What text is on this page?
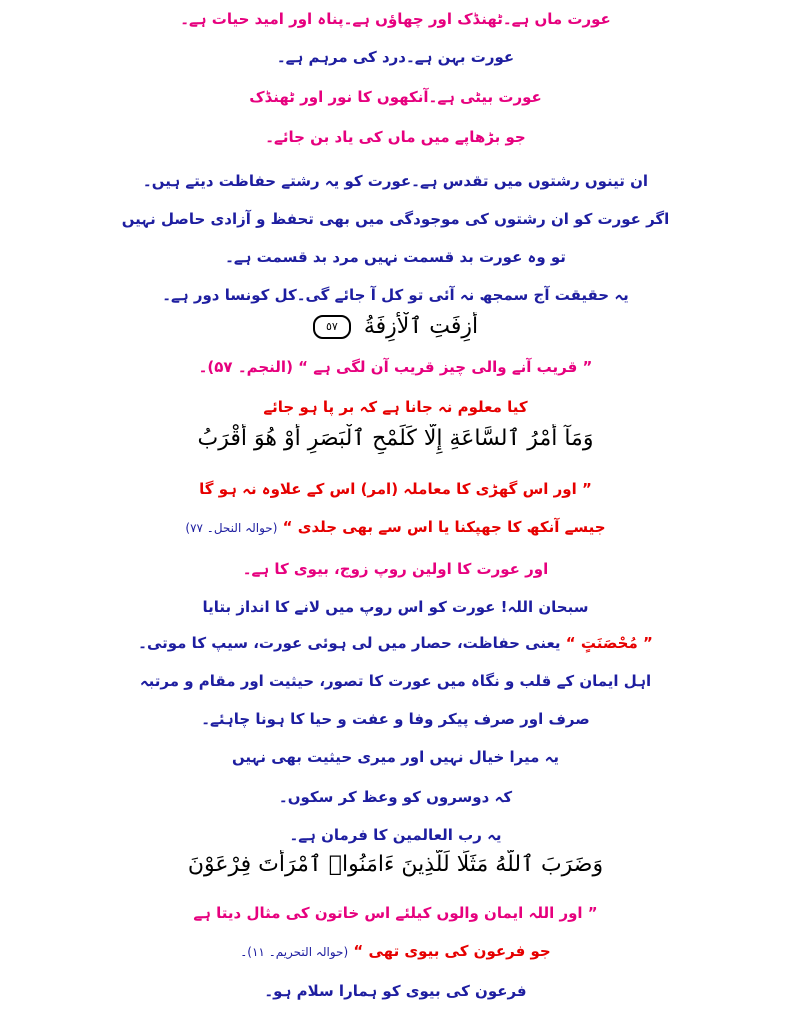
عورت ماں ہے۔ٹھنڈک اور چھاؤں ہے۔پناہ اور امید حیات ہے۔
عورت بہن ہے۔درد کی مرہم ہے۔
عورت بیٹی ہے۔آنکھوں کا نور اور ٹھنڈک
جو بڑھاپے میں ماں کی یاد بن جائے۔
ان تینوں رشتوں میں تقدس ہے۔عورت کو یہ رشتے حفاظت دیتے ہیں۔
اگر عورت کو ان رشتوں کی موجودگی میں بھی تحفظ و آزادی حاصل نہیں
تو وہ عورت بد قسمت نہیں مرد بد قسمت ہے۔
یہ حقیقت آج سمجھ نہ آئی تو کل آ جائے گی۔کل کونسا دور ہے۔
أَزِفَتِ ٱلْأَزِفَةُ ٥٧
” قریب آنے والی چیز قریب آن لگی ہے “ (النجم۔ ۵۷)۔
کیا معلوم نہ جانا ہے کہ بر پا ہو جائے
وَمَآ أَمْرُ ٱلسَّاعَةِ إِلَّا كَلَمْحِ ٱلْبَصَرِ أَوْ هُوَ أَقْرَبُ
” اور اس گھڑی کا معاملہ (امر) اس کے علاوہ نہ ہو گا
جیسے آنکھ کا جھپکنا یا اس سے بھی جلدی “ (حوالہ النحل۔ ۷۷)
اور عورت کا اولین روپ زوج، بیوی کا ہے۔
سبحان اللہ! عورت کو اس روپ میں لانے کا انداز بتایا
” مُحْصَنَتٍ “ یعنی حفاظت، حصار میں لی ہوئی عورت، سیپ کا موتی۔
اہل ایمان کے قلب و نگاہ میں عورت کا تصور، حیثیت اور مقام و مرتبہ
صرف اور صرف پیکر وفا و عفت و حیا کا ہونا چاہئے۔
یہ میرا خیال نہیں اور میری حیثیت بھی نہیں
کہ دوسروں کو وعظ کر سکوں۔
یہ رب العالمین کا فرمان ہے۔
وَضَرَبَ ٱللَّهُ مَثَلًا لِّلَّذِينَ ءَامَنُوا۟ ٱمْرَأَتَ فِرْعَوْنَ
” اور اللہ ایمان والوں کیلئے اس خاتون کی مثال دیتا ہے
جو فرعون کی بیوی تھی “ (حوالہ التحریم۔ ۱۱)۔
فرعون کی بیوی کو ہمارا سلام ہو۔
